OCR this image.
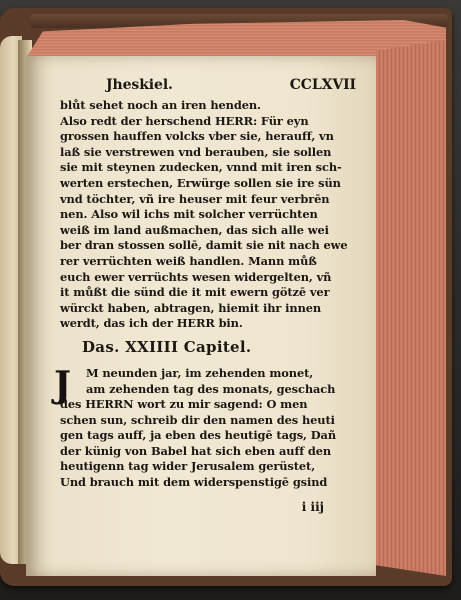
Jheskiel.	CCLXVII
blůt sehet noch an iren henden.
Also redt der herschend HERR: Für eyn
grossen hauffen volcks vber sie, herauff, vn
laß sie verstrewen vnd berauben, sie sollen
sie mit steynen zudecken, vnnd mit iren sch-
werten erstechen, Erwürge sollen sie ire sün
vnd töchter, vñ ire heuser mit feur verbrēn
nen. Also wil ichs mit solcher verrüchten
weiß im land außmachen, das sich alle wei
ber dran stossen sollē, damit sie nit nach ewe
rer verrüchten weiß handlen. Mann můß
euch ewer verrüchts wesen widergelten, vñ
it můßt die sünd die it mit ewern götzē ver
würckt haben, abtragen, hiemit ihr innen
werdt, das ich der HERR bin.
Das. XXIIII Capitel.
J	M neunden jar, im zehenden monet,
am zehenden tag des monats, geschach
des HERRN wort zu mir sagend: O men
schen sun, schreib dir den namen des heuti
gen tags auff, ja eben des heutigē tags, Dañ
der künig von Babel hat sich eben auff den
heutigenn tag wider Jerusalem gerüstet,
Und brauch mit dem widerspenstigē gsind
i iij
